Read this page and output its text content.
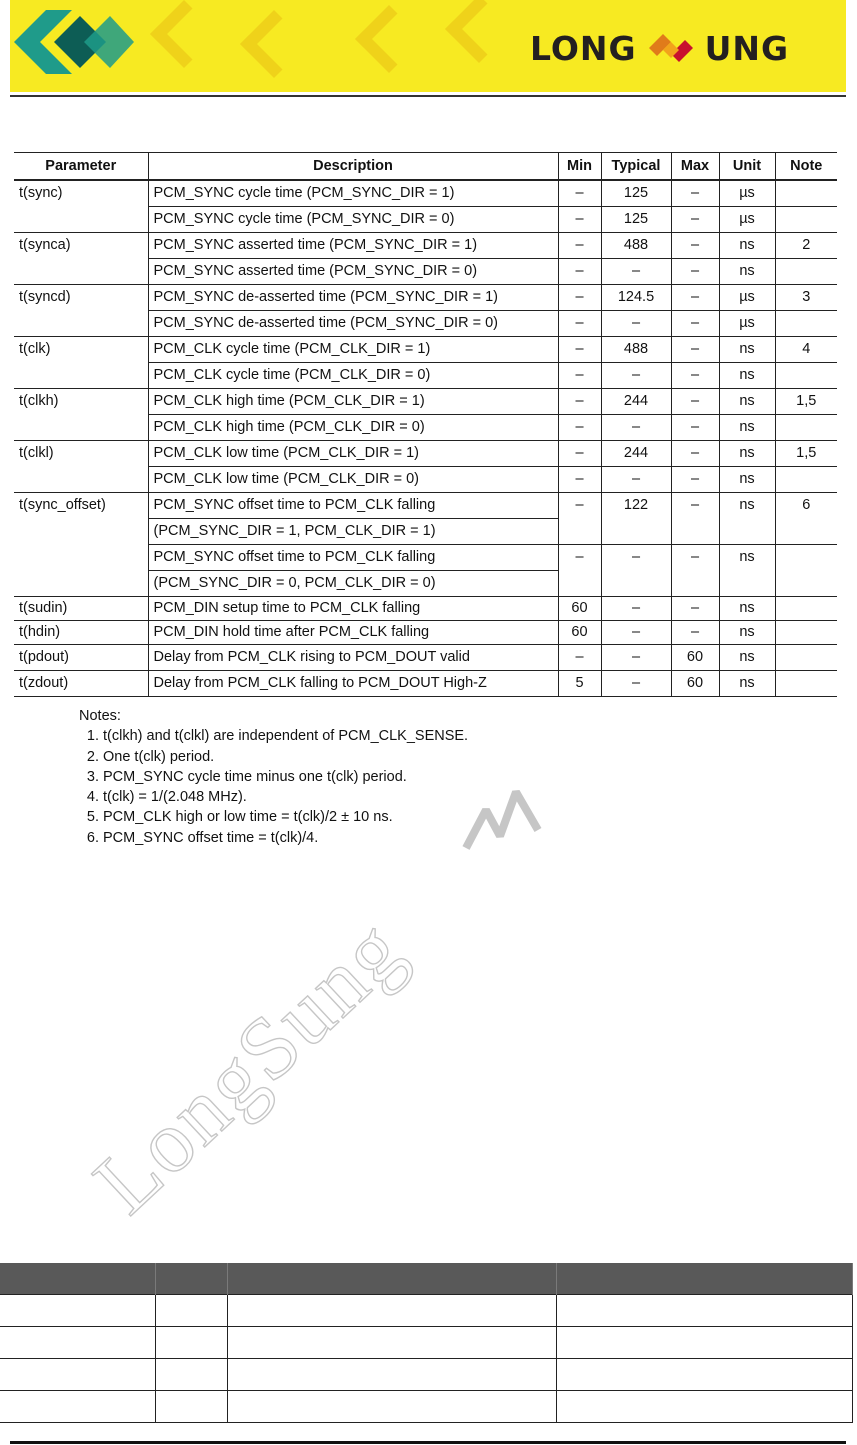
LONG UNG
LongSung
Parameter	Description	Min	Typical	Max	Unit	Note
t(sync)	PCM_SYNC cycle time (PCM_SYNC_DIR = 1)	–	125	–	µs	
	PCM_SYNC cycle time (PCM_SYNC_DIR = 0)	–	125	–	µs	
t(synca)	PCM_SYNC asserted time (PCM_SYNC_DIR = 1)	–	488	–	ns	2
	PCM_SYNC asserted time (PCM_SYNC_DIR = 0)	–	–	–	ns	
t(syncd)	PCM_SYNC de-asserted time (PCM_SYNC_DIR = 1)	–	124.5	–	µs	3
	PCM_SYNC de-asserted time (PCM_SYNC_DIR = 0)	–	–	–	µs	
t(clk)	PCM_CLK cycle time (PCM_CLK_DIR = 1)	–	488	–	ns	4
	PCM_CLK cycle time (PCM_CLK_DIR = 0)	–	–	–	ns	
t(clkh)	PCM_CLK high time (PCM_CLK_DIR = 1)	–	244	–	ns	1,5
	PCM_CLK high time (PCM_CLK_DIR = 0)	–	–	–	ns	
t(clkl)	PCM_CLK low time (PCM_CLK_DIR = 1)	–	244	–	ns	1,5
	PCM_CLK low time (PCM_CLK_DIR = 0)	–	–	–	ns	
t(sync_offset)	PCM_SYNC offset time to PCM_CLK falling	–	122	–	ns	6
	(PCM_SYNC_DIR = 1, PCM_CLK_DIR = 1)					
	PCM_SYNC offset time to PCM_CLK falling	–	–	–	ns	
	(PCM_SYNC_DIR = 0, PCM_CLK_DIR = 0)					
t(sudin)	PCM_DIN setup time to PCM_CLK falling	60	–	–	ns	
t(hdin)	PCM_DIN hold time after PCM_CLK falling	60	–	–	ns	
t(pdout)	Delay from PCM_CLK rising to PCM_DOUT valid	–	–	60	ns	
t(zdout)	Delay from PCM_CLK falling to PCM_DOUT High-Z	5	–	60	ns	
Notes:
1. t(clkh) and t(clkl) are independent of PCM_CLK_SENSE.
2. One t(clk) period.
3. PCM_SYNC cycle time minus one t(clk) period.
4. t(clk) = 1/(2.048 MHz).
5. PCM_CLK high or low time = t(clk)/2 ± 10 ns.
6. PCM_SYNC offset time = t(clk)/4.
